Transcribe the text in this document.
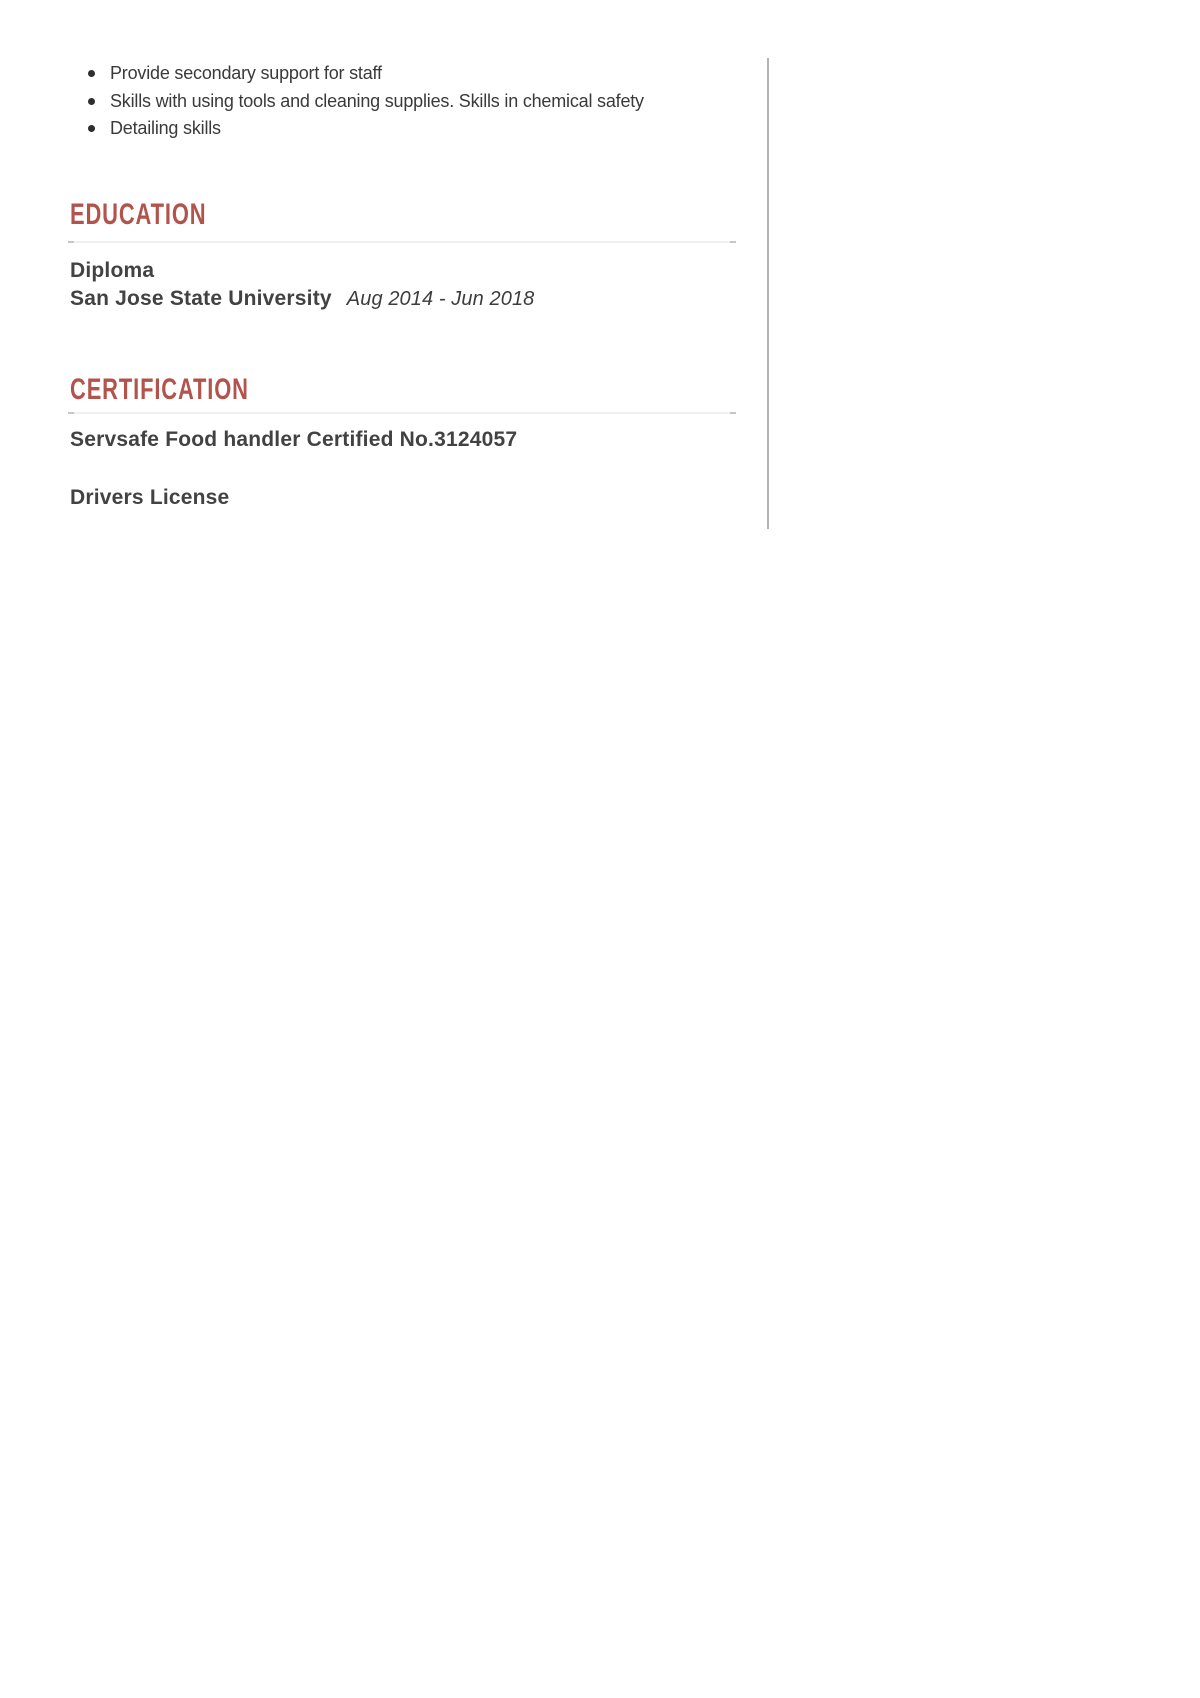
Provide secondary support for staff
Skills with using tools and cleaning supplies. Skills in chemical safety
Detailing skills
EDUCATION
Diploma
San Jose State University Aug 2014 - Jun 2018
CERTIFICATION
Servsafe Food handler Certified No.3124057
Drivers License
